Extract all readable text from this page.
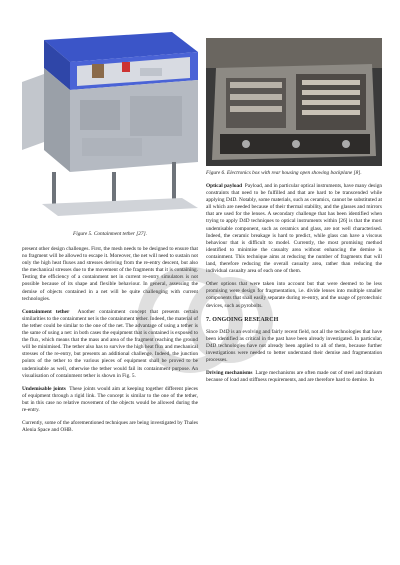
Figure 5. Containment tether [27].

present other design challenges. First, the mesh needs to be designed to ensure that no fragment will be allowed to escape it. Moreover, the net will need to sustain not only the high heat fluxes and stresses deriving from the re-entry descent, but also the mechanical stresses due to the movement of the fragments that it is containing. Testing the efficiency of a containment net in current re-entry simulators is not possible because of its shape and flexible behaviour. In general, assessing the demise of objects contained in a net will be quite challenging with current technologies.

Containment tether Another containment concept that presents certain similarities to the containment net is the containment tether. Indeed, the material of the tether could be similar to the one of the net. The advantage of using a tether is the same of using a net: in both cases the equipment that is contained is exposed to the flux, which means that the mass and area of the fragment reaching the ground will be minimised. The tether also has to survive the high heat flux and mechanical stresses of the re-entry, but presents an additional challenge. Indeed, the junction points of the tether to the various pieces of equipment shall be proved to be undemisable as well, otherwise the tether would fail its containment purpose. An visualisation of containment tether is shown in Fig. 5.

Undemisable joints These joints would aim at keeping together different pieces of equipment through a rigid link. The concept is similar to the one of the tether, but in this case no relative movement of the objects would be allowed during the re-entry.

Currently, some of the aforementioned techniques are being investigated by Thales Alenia Space and OHB.

Figure 6. Electronics box with rear housing open showing backplane [8].

Optical payload Payload, and in particular optical instruments, have many design constraints that need to be fulfilled and that are hard to be transcended while applying D4D. Notably, some materials, such as ceramics, cannot be substituted at all which are needed because of their thermal stability, and the glasses and mirrors that are used for the lenses. A secondary challenge that has been identified when trying to apply D4D techniques to optical instruments within [26] is that the most undemisable component, such as ceramics and glass, are not well characterised. Indeed, the ceramic breakage is hard to predict, while glass can have a viscous behaviour that is difficult to model. Currently, the most promising method identified to minimise the casualty area without enhancing the demise is containment. This technique aims at reducing the number of fragments that will land, therefore reducing the overall casualty area, rather than reducing the individual casualty area of each one of them.

Other options that were taken into account but that were deemed to be less promising were design for fragmentation, i.e. divide lenses into multiple smaller components that shall easily separate during re-entry, and the usage of pyrotechnic devices, such as pyrobolts.

7. ONGOING RESEARCH

Since D4D is an evolving and fairly recent field, not all the technologies that have been identified as critical in the past have been already investigated. In particular, D4D technologies have not already been applied to all of them, because further investigations were needed to better understand their demise and fragmentation processes.

Driving mechanisms Large mechanisms are often made out of steel and titanium because of load and stiffness requirements, and are therefore hard to demise. In
